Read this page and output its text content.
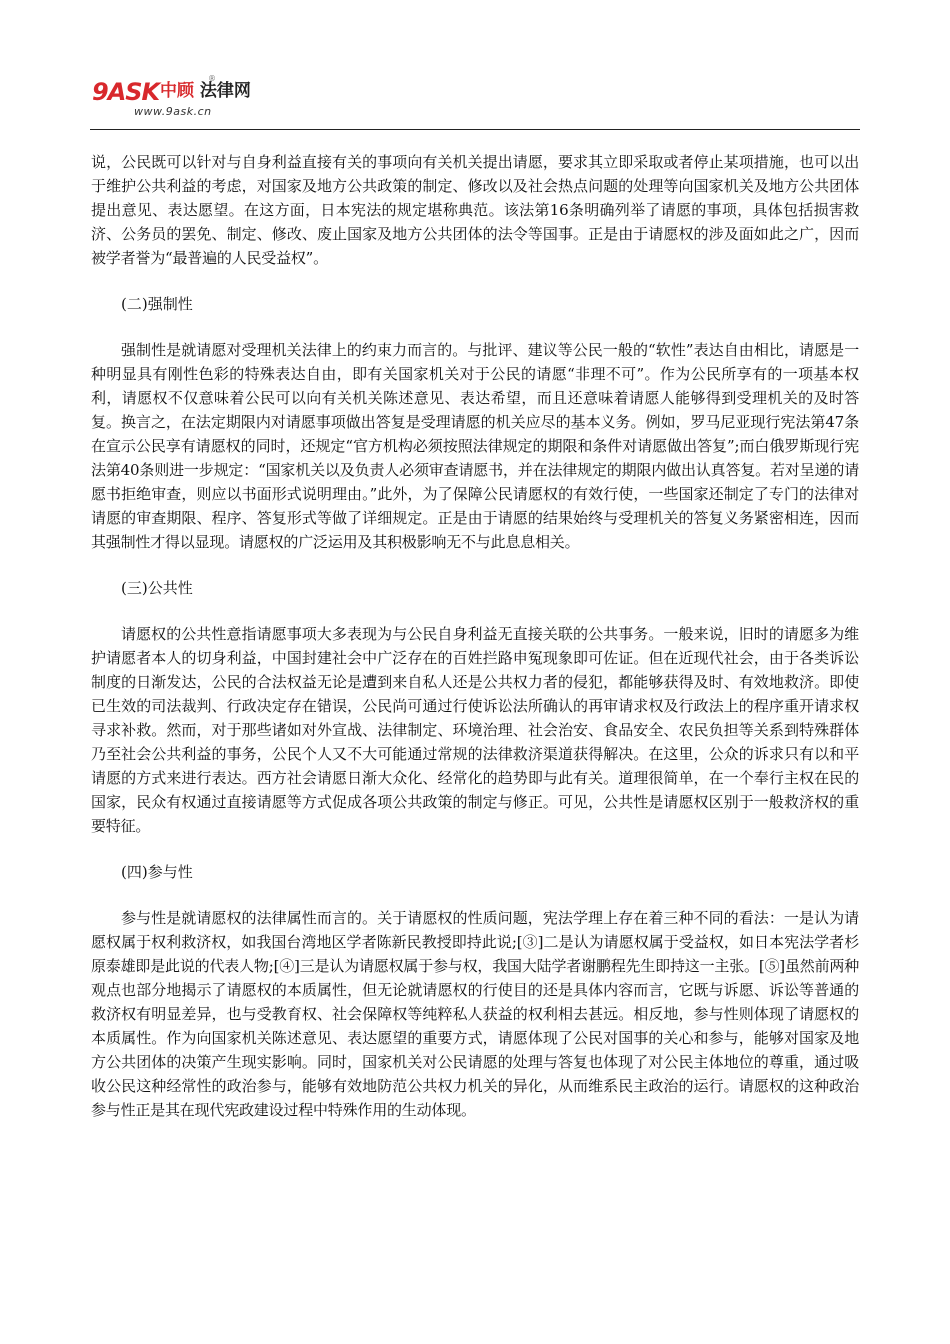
9ASK 中顾 法律网
®
www.9ask.cn

说，公民既可以针对与自身利益直接有关的事项向有关机关提出请愿，要求其立即采取或者停止某项措施，也可以出于维护公共利益的考虑，对国家及地方公共政策的制定、修改以及社会热点问题的处理等向国家机关及地方公共团体提出意见、表达愿望。在这方面，日本宪法的规定堪称典范。该法第16条明确列举了请愿的事项，具体包括损害救济、公务员的罢免、制定、修改、废止国家及地方公共团体的法令等国事。正是由于请愿权的涉及面如此之广，因而被学者誉为“最普遍的人民受益权”。

(二)强制性

强制性是就请愿对受理机关法律上的约束力而言的。与批评、建议等公民一般的“软性”表达自由相比，请愿是一种明显具有刚性色彩的特殊表达自由，即有关国家机关对于公民的请愿“非理不可”。作为公民所享有的一项基本权利，请愿权不仅意味着公民可以向有关机关陈述意见、表达希望，而且还意味着请愿人能够得到受理机关的及时答复。换言之，在法定期限内对请愿事项做出答复是受理请愿的机关应尽的基本义务。例如，罗马尼亚现行宪法第47条在宣示公民享有请愿权的同时，还规定“官方机构必须按照法律规定的期限和条件对请愿做出答复”;而白俄罗斯现行宪法第40条则进一步规定：“国家机关以及负责人必须审查请愿书，并在法律规定的期限内做出认真答复。若对呈递的请愿书拒绝审查，则应以书面形式说明理由。”此外，为了保障公民请愿权的有效行使，一些国家还制定了专门的法律对请愿的审查期限、程序、答复形式等做了详细规定。正是由于请愿的结果始终与受理机关的答复义务紧密相连，因而其强制性才得以显现。请愿权的广泛运用及其积极影响无不与此息息相关。

(三)公共性

请愿权的公共性意指请愿事项大多表现为与公民自身利益无直接关联的公共事务。一般来说，旧时的请愿多为维护请愿者本人的切身利益，中国封建社会中广泛存在的百姓拦路申冤现象即可佐证。但在近现代社会，由于各类诉讼制度的日渐发达，公民的合法权益无论是遭到来自私人还是公共权力者的侵犯，都能够获得及时、有效地救济。即使已生效的司法裁判、行政决定存在错误，公民尚可通过行使诉讼法所确认的再审请求权及行政法上的程序重开请求权寻求补救。然而，对于那些诸如对外宣战、法律制定、环境治理、社会治安、食品安全、农民负担等关系到特殊群体乃至社会公共利益的事务，公民个人又不大可能通过常规的法律救济渠道获得解决。在这里，公众的诉求只有以和平请愿的方式来进行表达。西方社会请愿日渐大众化、经常化的趋势即与此有关。道理很简单，在一个奉行主权在民的国家，民众有权通过直接请愿等方式促成各项公共政策的制定与修正。可见，公共性是请愿权区别于一般救济权的重要特征。

(四)参与性

参与性是就请愿权的法律属性而言的。关于请愿权的性质问题，宪法学理上存在着三种不同的看法：一是认为请愿权属于权利救济权，如我国台湾地区学者陈新民教授即持此说;[③]二是认为请愿权属于受益权，如日本宪法学者杉原泰雄即是此说的代表人物;[④]三是认为请愿权属于参与权，我国大陆学者谢鹏程先生即持这一主张。[⑤]虽然前两种观点也部分地揭示了请愿权的本质属性，但无论就请愿权的行使目的还是具体内容而言，它既与诉愿、诉讼等普通的救济权有明显差异，也与受教育权、社会保障权等纯粹私人获益的权利相去甚远。相反地，参与性则体现了请愿权的本质属性。作为向国家机关陈述意见、表达愿望的重要方式，请愿体现了公民对国事的关心和参与，能够对国家及地方公共团体的决策产生现实影响。同时，国家机关对公民请愿的处理与答复也体现了对公民主体地位的尊重，通过吸收公民这种经常性的政治参与，能够有效地防范公共权力机关的异化，从而维系民主政治的运行。请愿权的这种政治参与性正是其在现代宪政建设过程中特殊作用的生动体现。
